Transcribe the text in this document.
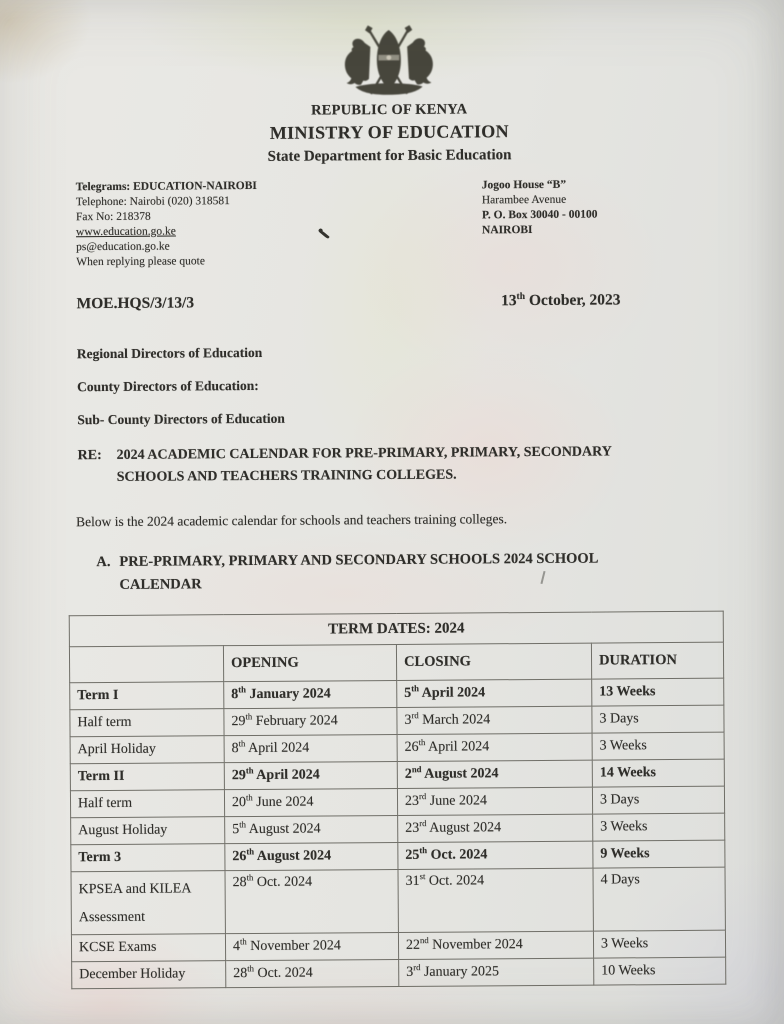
REPUBLIC OF KENYA

MINISTRY OF EDUCATION

State Department for Basic Education

Telegrams: EDUCATION-NAIROBI

Telephone: Nairobi (020) 318581

Fax No: 218378

www.education.go.ke

ps@education.go.ke

When replying please quote

Jogoo House “B”

Harambee Avenue

P. O. Box 30040 - 00100

NAIROBI

MOE.HQS/3/13/3	13th October, 2023

Regional Directors of Education

County Directors of Education:

Sub- County Directors of Education

RE:	2024 ACADEMIC CALENDAR FOR PRE-PRIMARY, PRIMARY, SECONDARY
SCHOOLS AND TEACHERS TRAINING COLLEGES.

Below is the 2024 academic calendar for schools and teachers training colleges.

A. PRE-PRIMARY, PRIMARY AND SECONDARY SCHOOLS 2024 SCHOOL
CALENDAR
TERM DATES: 2024			
	OPENING	CLOSING	DURATION
Term I	8th January 2024	5th April 2024	13 Weeks
Half term	29th February 2024	3rd March 2024	3 Days
April Holiday	8th April 2024	26th April 2024	3 Weeks
Term II	29th April 2024	2nd August 2024	14 Weeks
Half term	20th June 2024	23rd June 2024	3 Days
August Holiday	5th August 2024	23rd August 2024	3 Weeks
Term 3	26th August 2024	25th Oct. 2024	9 Weeks
KPSEA and KILEA Assessment	28th Oct. 2024	31st Oct. 2024	4 Days
KCSE Exams	4th November 2024	22nd November 2024	3 Weeks
December Holiday	28th Oct. 2024	3rd January 2025	10 Weeks
